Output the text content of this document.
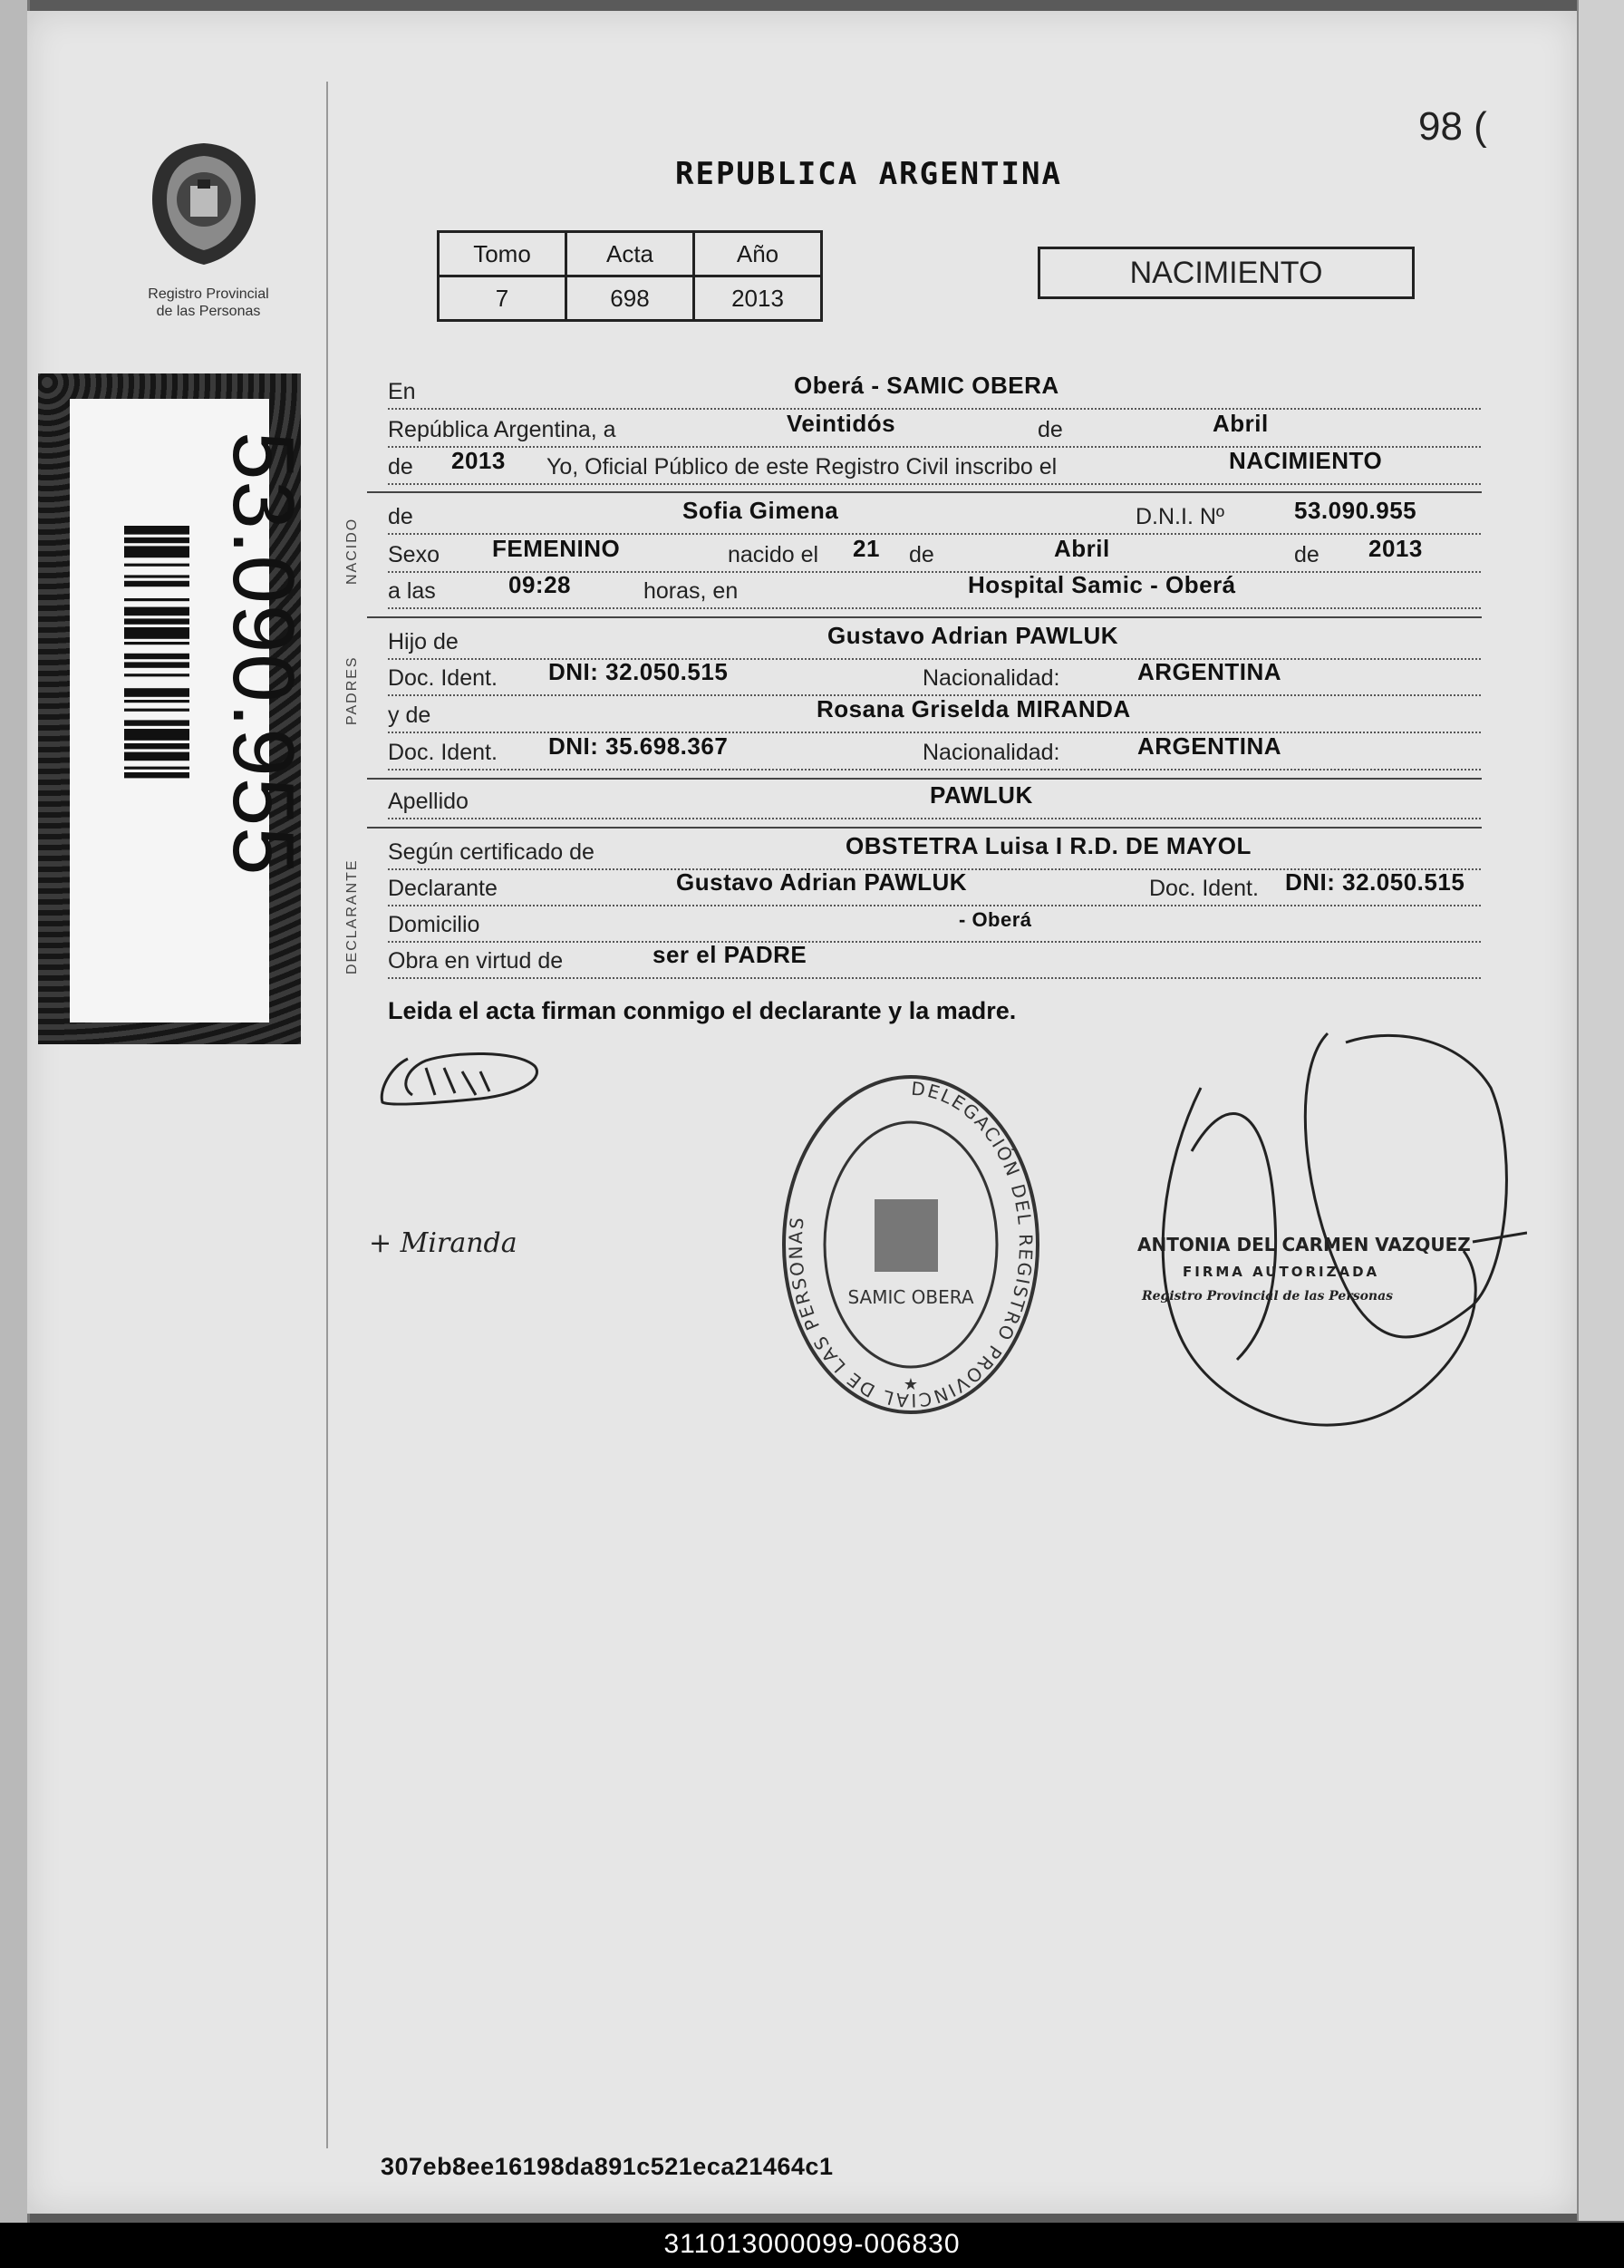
Registro Provincial
de las Personas
53.090.955
98 (
REPUBLICA ARGENTINA
Tomo	Acta	Año
7	698	2013
NACIMIENTO
NACIDO
PADRES
DECLARANTE
En	Oberá - SAMIC OBERA
República Argentina, a	Veintidós	de	Abril
de 2013 Yo, Oficial Público de este Registro Civil inscribo el	NACIMIENTO
de	Sofia Gimena	D.N.I. Nº	53.090.955
Sexo FEMENINO	nacido el 21 de	Abril	de 2013
a las	09:28	horas, en	Hospital Samic - Oberá
Hijo de	Gustavo Adrian PAWLUK
Doc. Ident. DNI: 32.050.515	Nacionalidad:	ARGENTINA
y de	Rosana Griselda MIRANDA
Doc. Ident. DNI: 35.698.367	Nacionalidad:	ARGENTINA
Apellido	PAWLUK
Según certificado de	OBSTETRA Luisa I R.D. DE MAYOL
Declarante	Gustavo Adrian PAWLUK	Doc. Ident. DNI: 32.050.515
Domicilio	- Oberá
Obra en virtud de	ser el PADRE
Leida el acta firman conmigo el declarante y la madre.
+ Miranda
DELEGACIÓN DEL REGISTRO PROVINCIAL DE LAS PERSONAS
SAMIC OBERA
★
ANTONIA DEL CARMEN VAZQUEZ
FIRMA AUTORIZADA
Registro Provincial de las Personas
307eb8ee16198da891c521eca21464c1
311013000099-006830
